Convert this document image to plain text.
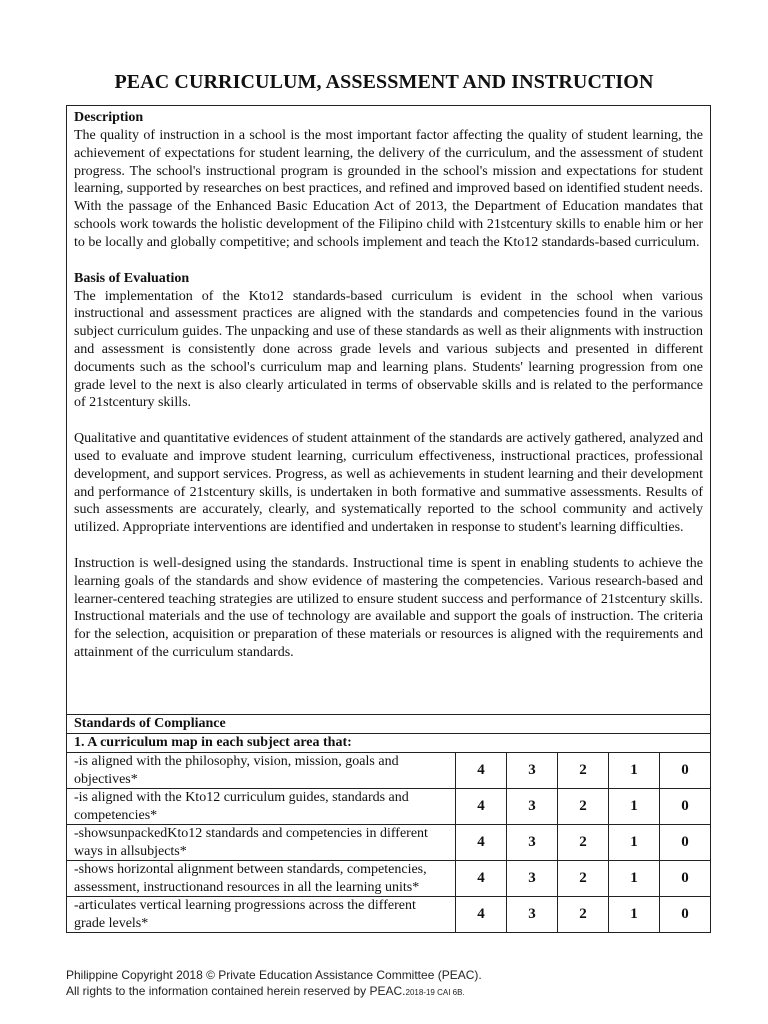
PEAC CURRICULUM, ASSESSMENT AND INSTRUCTION
Description

The quality of instruction in a school is the most important factor affecting the quality of student learning, the achievement of expectations for student learning, the delivery of the curriculum, and the assessment of student progress. The school's instructional program is grounded in the school's mission and expectations for student learning, supported by researches on best practices, and refined and improved based on identified student needs. With the passage of the Enhanced Basic Education Act of 2013, the Department of Education mandates that schools work towards the holistic development of the Filipino child with 21stcentury skills to enable him or her to be locally and globally competitive; and schools implement and teach the Kto12 standards-based curriculum.

Basis of Evaluation

The implementation of the Kto12 standards-based curriculum is evident in the school when various instructional and assessment practices are aligned with the standards and competencies found in the various subject curriculum guides. The unpacking and use of these standards as well as their alignments with instruction and assessment is consistently done across grade levels and various subjects and presented in different documents such as the school's curriculum map and learning plans. Students' learning progression from one grade level to the next is also clearly articulated in terms of observable skills and is related to the performance of 21stcentury skills.

Qualitative and quantitative evidences of student attainment of the standards are actively gathered, analyzed and used to evaluate and improve student learning, curriculum effectiveness, instructional practices, professional development, and support services. Progress, as well as achievements in student learning and their development and performance of 21stcentury skills, is undertaken in both formative and summative assessments. Results of such assessments are accurately, clearly, and systematically reported to the school community and actively utilized. Appropriate interventions are identified and undertaken in response to student's learning difficulties.

Instruction is well-designed using the standards. Instructional time is spent in enabling students to achieve the learning goals of the standards and show evidence of mastering the competencies. Various research-based and learner-centered teaching strategies are utilized to ensure student success and performance of 21stcentury skills. Instructional materials and the use of technology are available and support the goals of instruction. The criteria for the selection, acquisition or preparation of these materials or resources is aligned with the requirements and attainment of the curriculum standards.

Standards of Compliance					
1. A curriculum map in each subject area that:					
-is aligned with the philosophy, vision, mission, goals and objectives*	4	3	2	1	0
-is aligned with the Kto12 curriculum guides, standards and competencies*	4	3	2	1	0
-showsunpackedKto12 standards and competencies in different ways in allsubjects*	4	3	2	1	0
-shows horizontal alignment between standards, competencies, assessment, instructionand resources in all the learning units*	4	3	2	1	0
-articulates vertical learning progressions across the different grade levels*	4	3	2	1	0
Philippine Copyright 2018 © Private Education Assistance Committee (PEAC).
All rights to the information contained herein reserved by PEAC.2018-19 CAI 6B.
